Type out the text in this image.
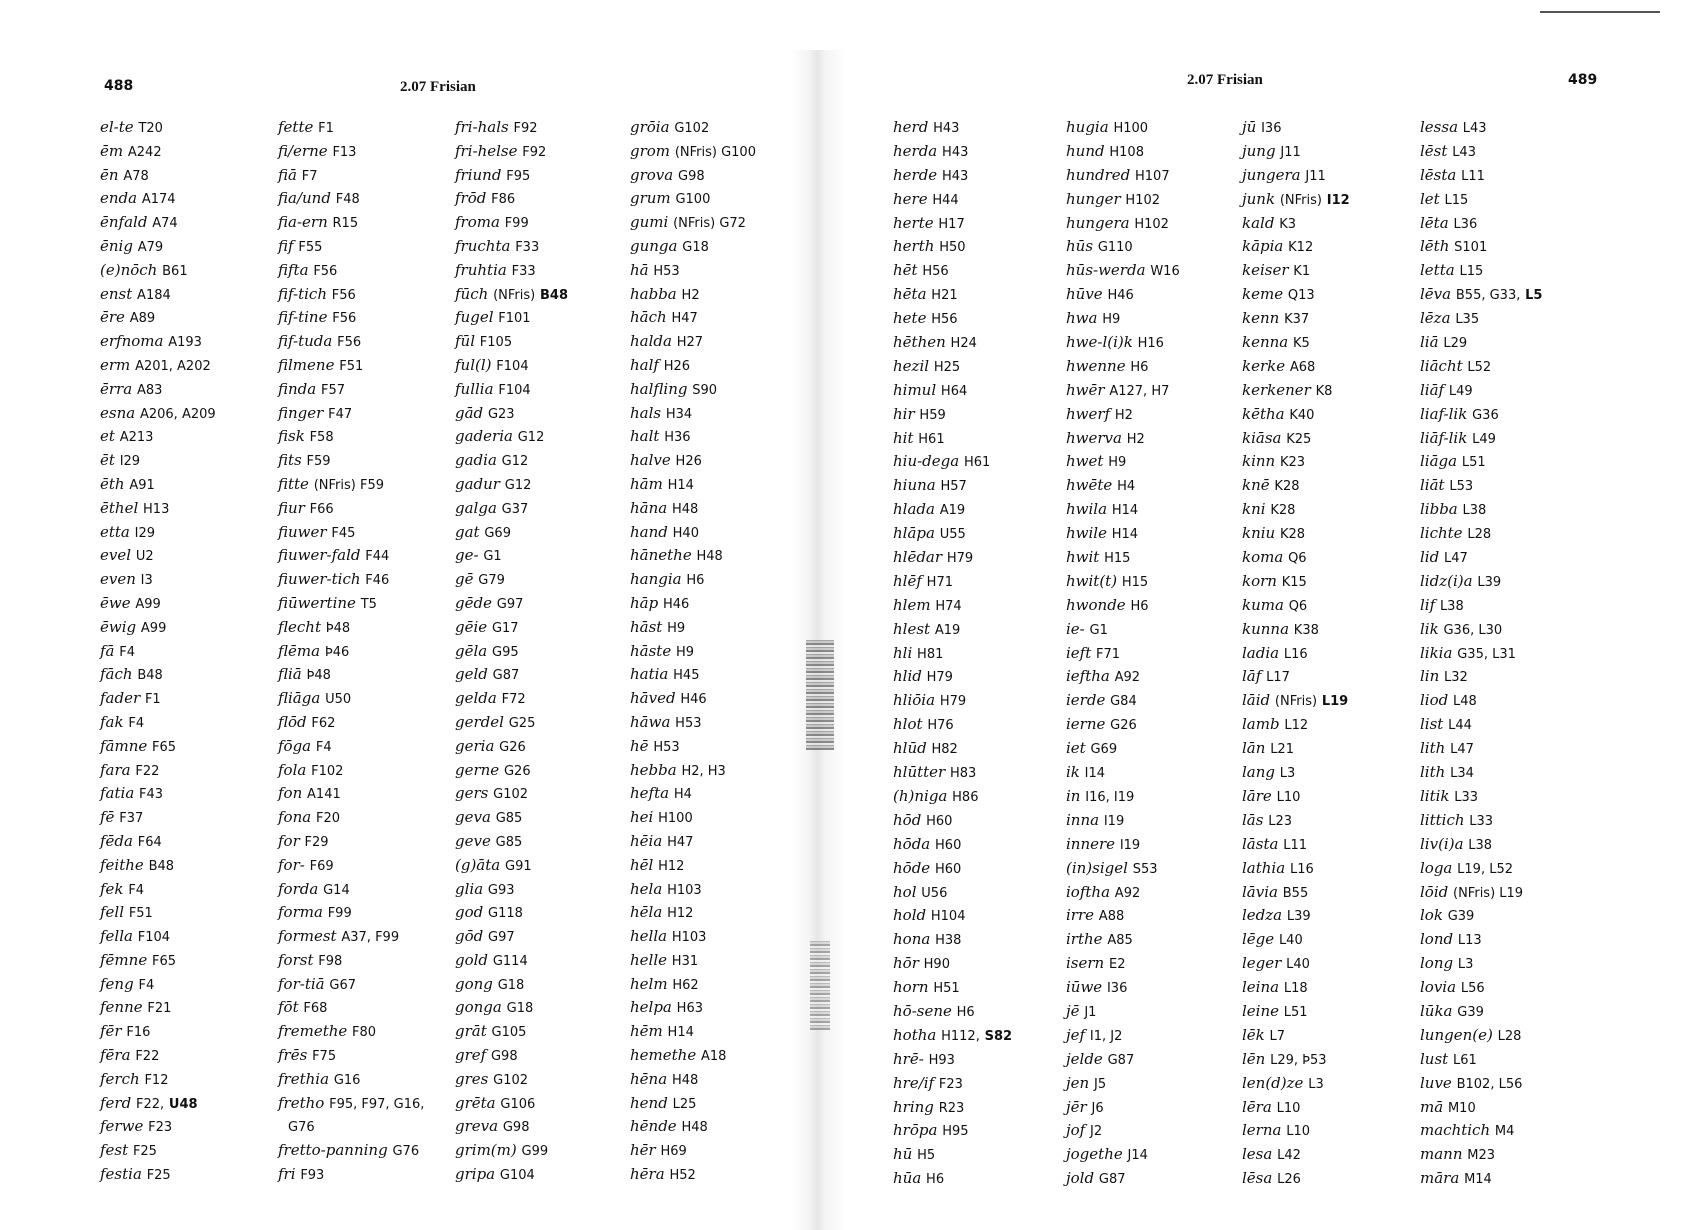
488	2.07 Frisian	2.07 Frisian	489
el-te T20
ēm A242
ēn A78
enda A174
ēnfald A74
ēnig A79
(e)nōch B61
enst A184
ēre A89
erfnoma A193
erm A201, A202
ērra A83
esna A206, A209
et A213
ēt I29
ēth A91
ēthel H13
etta I29
evel U2
even I3
ēwe A99
ēwig A99
fā F4
fāch B48
fader F1
fak F4
fāmne F65
fara F22
fatia F43
fē F37
fēda F64
feithe B48
fek F4
fell F51
fella F104
fēmne F65
feng F4
fenne F21
fēr F16
fēra F22
ferch F12
ferd F22, U48
ferwe F23
fest F25
festia F25
fette F1
fi/erne F13
fiā F7
fia/und F48
fia-ern R15
fif F55
fifta F56
fif-tich F56
fif-tine F56
fif-tuda F56
filmene F51
finda F57
finger F47
fisk F58
fits F59
fitte (NFris) F59
fiur F66
fiuwer F45
fiuwer-fald F44
fiuwer-tich F46
fiūwertine T5
flecht Þ48
flēma Þ46
fliā Þ48
fliāga U50
flōd F62
fōga F4
fola F102
fon A141
fona F20
for F29
for- F69
forda G14
forma F99
formest A37, F99
forst F98
for-tiā G67
fōt F68
fremethe F80
frēs F75
frethia G16
fretho F95, F97, G16,
G76
fretto-panning G76
fri F93
fri-hals F92
fri-helse F92
friund F95
frōd F86
froma F99
fruchta F33
fruhtia F33
fūch (NFris) B48
fugel F101
fūl F105
ful(l) F104
fullia F104
gād G23
gaderia G12
gadia G12
gadur G12
galga G37
gat G69
ge- G1
gē G79
gēde G97
gēie G17
gēla G95
geld G87
gelda F72
gerdel G25
geria G26
gerne G26
gers G102
geva G85
geve G85
(g)āta G91
glia G93
god G118
gōd G97
gold G114
gong G18
gonga G18
grāt G105
gref G98
gres G102
grēta G106
greva G98
grim(m) G99
gripa G104
grōia G102
grom (NFris) G100
grova G98
grum G100
gumi (NFris) G72
gunga G18
hā H53
habba H2
hāch H47
halda H27
half H26
halfling S90
hals H34
halt H36
halve H26
hām H14
hāna H48
hand H40
hānethe H48
hangia H6
hāp H46
hāst H9
hāste H9
hatia H45
hāved H46
hāwa H53
hē H53
hebba H2, H3
hefta H4
hei H100
hēia H47
hēl H12
hela H103
hēla H12
hella H103
helle H31
helm H62
helpa H63
hēm H14
hemethe A18
hēna H48
hend L25
hēnde H48
hēr H69
hēra H52
herd H43
herda H43
herde H43
here H44
herte H17
herth H50
hēt H56
hēta H21
hete H56
hēthen H24
hezil H25
himul H64
hir H59
hit H61
hiu-dega H61
hiuna H57
hlada A19
hlāpa U55
hlēdar H79
hlēf H71
hlem H74
hlest A19
hli H81
hlid H79
hliōia H79
hlot H76
hlūd H82
hlūtter H83
(h)niga H86
hōd H60
hōda H60
hōde H60
hol U56
hold H104
hona H38
hōr H90
horn H51
hō-sene H6
hotha H112, S82
hrē- H93
hre/if F23
hring R23
hrōpa H95
hū H5
hūa H6
hugia H100
hund H108
hundred H107
hunger H102
hungera H102
hūs G110
hūs-werda W16
hūve H46
hwa H9
hwe-l(i)k H16
hwenne H6
hwēr A127, H7
hwerf H2
hwerva H2
hwet H9
hwēte H4
hwila H14
hwile H14
hwit H15
hwit(t) H15
hwonde H6
ie- G1
ieft F71
ieftha A92
ierde G84
ierne G26
iet G69
ik I14
in I16, I19
inna I19
innere I19
(in)sigel S53
iofthа A92
irre A88
irthe A85
isern E2
iūwe I36
jē J1
jef I1, J2
jelde G87
jen J5
jēr J6
jof J2
jogethe J14
jold G87
jū I36
jung J11
jungera J11
junk (NFris) I12
kald K3
kāpia K12
keiser K1
keme Q13
kenn K37
kenna K5
kerke A68
kerkener K8
kētha K40
kiāsa K25
kinn K23
knē K28
kni K28
kniu K28
koma Q6
korn K15
kuma Q6
kunna K38
ladia L16
lāf L17
lāid (NFris) L19
lamb L12
lān L21
lang L3
lāre L10
lās L23
lāsta L11
lathia L16
lāvia B55
ledza L39
lēge L40
leger L40
leina L18
leine L51
lēk L7
lēn L29, Þ53
len(d)ze L3
lēra L10
lerna L10
lesa L42
lēsa L26
lessa L43
lēst L43
lēsta L11
let L15
lēta L36
lēth S101
letta L15
lēva B55, G33, L5
lēza L35
liā L29
liācht L52
liāf L49
liaf-lik G36
liāf-lik L49
liāga L51
liāt L53
libba L38
lichte L28
lid L47
lidz(i)a L39
lif L38
lik G36, L30
likia G35, L31
lin L32
liod L48
list L44
lith L47
lith L34
litik L33
littich L33
liv(i)a L38
loga L19, L52
lōid (NFris) L19
lok G39
lond L13
long L3
lovia L56
lūka G39
lungen(e) L28
lust L61
luve B102, L56
mā M10
machtich M4
mann M23
māra M14
